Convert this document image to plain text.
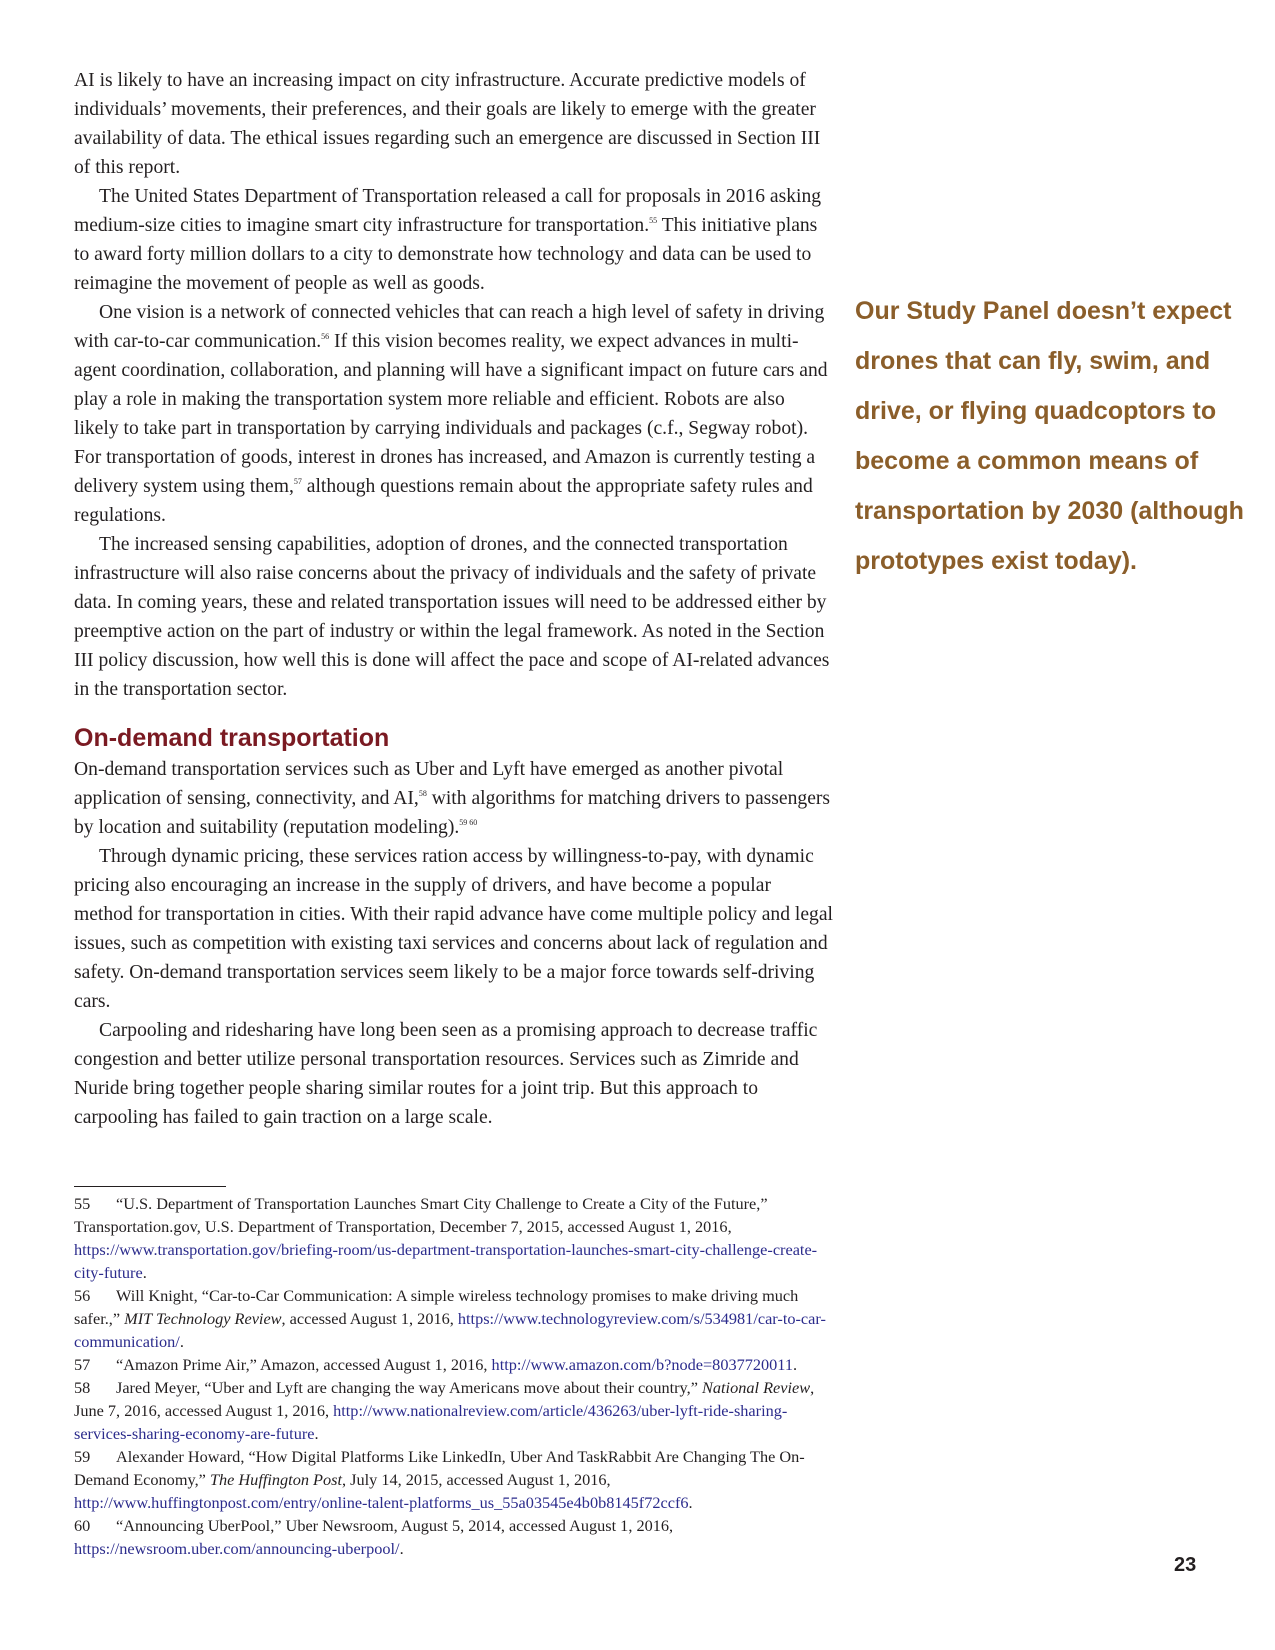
AI is likely to have an increasing impact on city infrastructure. Accurate predictive models of individuals’ movements, their preferences, and their goals are likely to emerge with the greater availability of data. The ethical issues regarding such an emergence are discussed in Section III of this report.

The United States Department of Transportation released a call for proposals in 2016 asking medium-size cities to imagine smart city infrastructure for transportation.$^{55}$ This initiative plans to award forty million dollars to a city to demonstrate how technology and data can be used to reimagine the movement of people as well as goods.

One vision is a network of connected vehicles that can reach a high level of safety in driving with car-to-car communication.$^{56}$ If this vision becomes reality, we expect advances in multi-agent coordination, collaboration, and planning will have a significant impact on future cars and play a role in making the transportation system more reliable and efficient. Robots are also likely to take part in transportation by carrying individuals and packages (c.f., Segway robot). For transportation of goods, interest in drones has increased, and Amazon is currently testing a delivery system using them,$^{57}$ although questions remain about the appropriate safety rules and regulations.

The increased sensing capabilities, adoption of drones, and the connected transportation infrastructure will also raise concerns about the privacy of individuals and the safety of private data. In coming years, these and related transportation issues will need to be addressed either by preemptive action on the part of industry or within the legal framework. As noted in the Section III policy discussion, how well this is done will affect the pace and scope of AI-related advances in the transportation sector.

On-demand transportation

On-demand transportation services such as Uber and Lyft have emerged as another pivotal application of sensing, connectivity, and AI,$^{58}$ with algorithms for matching drivers to passengers by location and suitability (reputation modeling).$^{59 60}$

Through dynamic pricing, these services ration access by willingness-to-pay, with dynamic pricing also encouraging an increase in the supply of drivers, and have become a popular method for transportation in cities. With their rapid advance have come multiple policy and legal issues, such as competition with existing taxi services and concerns about lack of regulation and safety. On-demand transportation services seem likely to be a major force towards self-driving cars.

Carpooling and ridesharing have long been seen as a promising approach to decrease traffic congestion and better utilize personal transportation resources. Services such as Zimride and Nuride bring together people sharing similar routes for a joint trip. But this approach to carpooling has failed to gain traction on a large scale.

Our Study Panel doesn’t expect drones that can fly, swim, and drive, or flying quadcoptors to become a common means of transportation by 2030 (although prototypes exist today).

55 “U.S. Department of Transportation Launches Smart City Challenge to Create a City of the Future,” Transportation.gov, U.S. Department of Transportation, December 7, 2015, accessed August 1, 2016, https://www.transportation.gov/briefing-room/us-department-transportation-launches-smart-city-challenge-create-city-future.

56 Will Knight, “Car-to-Car Communication: A simple wireless technology promises to make driving much safer.,” MIT Technology Review, accessed August 1, 2016, https://www.technologyreview.com/s/534981/car-to-car-communication/.

57 “Amazon Prime Air,” Amazon, accessed August 1, 2016, http://www.amazon.com/b?node=8037720011.

58 Jared Meyer, “Uber and Lyft are changing the way Americans move about their country,” National Review, June 7, 2016, accessed August 1, 2016, http://www.nationalreview.com/article/436263/uber-lyft-ride-sharing-services-sharing-economy-are-future.

59 Alexander Howard, “How Digital Platforms Like LinkedIn, Uber And TaskRabbit Are Changing The On-Demand Economy,” The Huffington Post, July 14, 2015, accessed August 1, 2016, http://www.huffingtonpost.com/entry/online-talent-platforms_us_55a03545e4b0b8145f72ccf6.

60 “Announcing UberPool,” Uber Newsroom, August 5, 2014, accessed August 1, 2016, https://newsroom.uber.com/announcing-uberpool/.

23
